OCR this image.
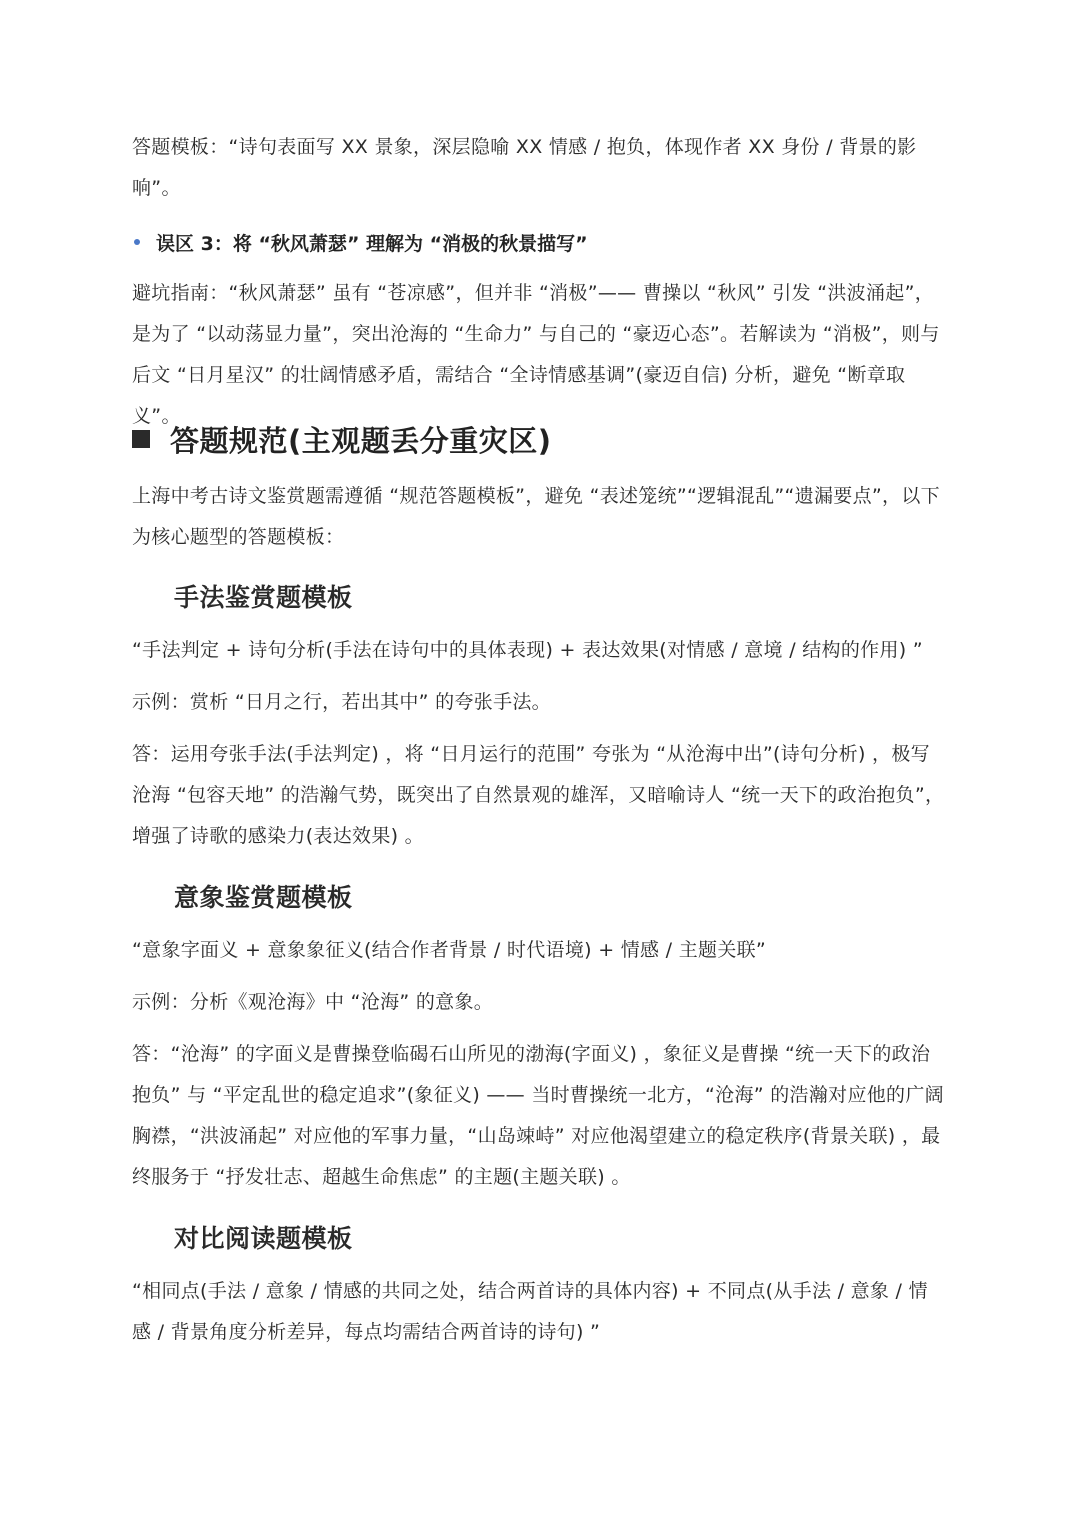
答题模板：“诗句表面写 XX 景象，深层隐喻 XX 情感 / 抱负，体现作者 XX 身份 / 背景的影响”。

误区 3：将 “秋风萧瑟” 理解为 “消极的秋景描写”

避坑指南：“秋风萧瑟” 虽有 “苍凉感”，但并非 “消极”—— 曹操以 “秋风” 引发 “洪波涌起”，是为了 “以动荡显力量”，突出沧海的 “生命力” 与自己的 “豪迈心态”。若解读为 “消极”，则与后文 “日月星汉” 的壮阔情感矛盾，需结合 “全诗情感基调”(豪迈自信) 分析，避免 “断章取义”。

答题规范(主观题丢分重灾区)

上海中考古诗文鉴赏题需遵循 “规范答题模板”，避免 “表述笼统”“逻辑混乱”“遗漏要点”，以下为核心题型的答题模板：

手法鉴赏题模板

“手法判定 + 诗句分析(手法在诗句中的具体表现) + 表达效果(对情感 / 意境 / 结构的作用) ”

示例：赏析 “日月之行，若出其中” 的夸张手法。

答：运用夸张手法(手法判定) ，将 “日月运行的范围” 夸张为 “从沧海中出”(诗句分析) ，极写沧海 “包容天地” 的浩瀚气势，既突出了自然景观的雄浑，又暗喻诗人 “统一天下的政治抱负”，增强了诗歌的感染力(表达效果) 。

意象鉴赏题模板

“意象字面义 + 意象象征义(结合作者背景 / 时代语境) + 情感 / 主题关联”

示例：分析《观沧海》中 “沧海” 的意象。

答：“沧海” 的字面义是曹操登临碣石山所见的渤海(字面义) ，象征义是曹操 “统一天下的政治抱负” 与 “平定乱世的稳定追求”(象征义) —— 当时曹操统一北方，“沧海” 的浩瀚对应他的广阔胸襟，“洪波涌起” 对应他的军事力量，“山岛竦峙” 对应他渴望建立的稳定秩序(背景关联) ，最终服务于 “抒发壮志、超越生命焦虑” 的主题(主题关联) 。

对比阅读题模板

“相同点(手法 / 意象 / 情感的共同之处，结合两首诗的具体内容) + 不同点(从手法 / 意象 / 情感 / 背景角度分析差异，每点均需结合两首诗的诗句) ”
